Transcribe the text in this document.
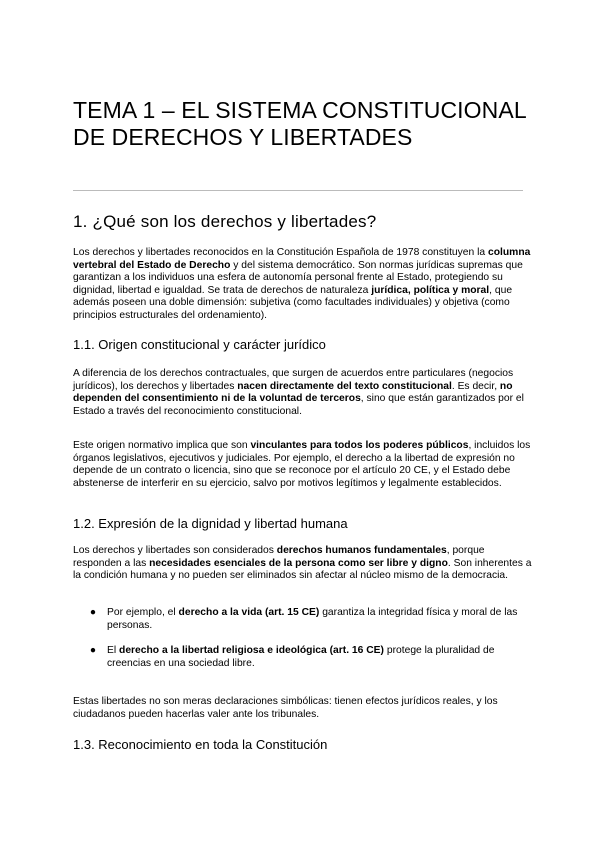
TEMA 1 – EL SISTEMA CONSTITUCIONAL DE DERECHOS Y LIBERTADES
1. ¿Qué son los derechos y libertades?

Los derechos y libertades reconocidos en la Constitución Española de 1978 constituyen la columna vertebral del Estado de Derecho y del sistema democrático. Son normas jurídicas supremas que garantizan a los individuos una esfera de autonomía personal frente al Estado, protegiendo su dignidad, libertad e igualdad. Se trata de derechos de naturaleza jurídica, política y moral, que además poseen una doble dimensión: subjetiva (como facultades individuales) y objetiva (como principios estructurales del ordenamiento).

1.1. Origen constitucional y carácter jurídico

A diferencia de los derechos contractuales, que surgen de acuerdos entre particulares (negocios jurídicos), los derechos y libertades nacen directamente del texto constitucional. Es decir, no dependen del consentimiento ni de la voluntad de terceros, sino que están garantizados por el Estado a través del reconocimiento constitucional.

Este origen normativo implica que son vinculantes para todos los poderes públicos, incluidos los órganos legislativos, ejecutivos y judiciales. Por ejemplo, el derecho a la libertad de expresión no depende de un contrato o licencia, sino que se reconoce por el artículo 20 CE, y el Estado debe abstenerse de interferir en su ejercicio, salvo por motivos legítimos y legalmente establecidos.

1.2. Expresión de la dignidad y libertad humana

Los derechos y libertades son considerados derechos humanos fundamentales, porque responden a las necesidades esenciales de la persona como ser libre y digno. Son inherentes a la condición humana y no pueden ser eliminados sin afectar al núcleo mismo de la democracia.

● Por ejemplo, el derecho a la vida (art. 15 CE) garantiza la integridad física y moral de las personas.

● El derecho a la libertad religiosa e ideológica (art. 16 CE) protege la pluralidad de creencias en una sociedad libre.

Estas libertades no son meras declaraciones simbólicas: tienen efectos jurídicos reales, y los ciudadanos pueden hacerlas valer ante los tribunales.

1.3. Reconocimiento en toda la Constitución
